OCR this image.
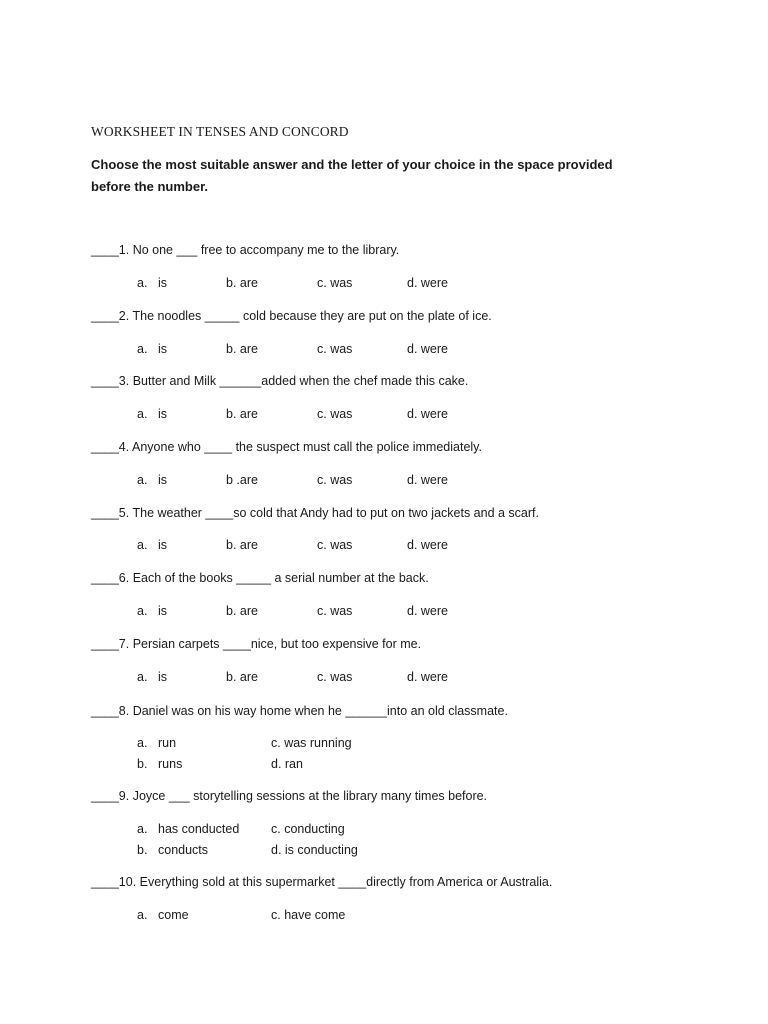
WORKSHEET IN TENSES AND CONCORD
Choose the most suitable answer and the letter of your choice in the space provided before the number.
____1. No one ___ free to accompany me to the library.
a. is	b. are	c. was	d. were
____2. The noodles _____ cold because they are put on the plate of ice.
a. is	b. are	c. was	d. were
____3. Butter and Milk ______added when the chef made this cake.
a. is	b. are	c. was	d. were
____4. Anyone who ____ the suspect must call the police immediately.
a. is	b .are	c. was	d. were
____5. The weather ____so cold that Andy had to put on two jackets and a scarf.
a. is	b. are	c. was	d. were
____6. Each of the books _____ a serial number at the back.
a. is	b. are	c. was	d. were
____7. Persian carpets ____nice, but too expensive for me.
a. is	b. are	c. was	d. were
____8. Daniel was on his way home when he ______into an old classmate.
a. run	c. was running
b. runs	d. ran
____9. Joyce ___ storytelling sessions at the library many times before.
a. has conducted	c. conducting
b. conducts	d. is conducting
____10. Everything sold at this supermarket ____directly from America or Australia.
a. come	c. have come
